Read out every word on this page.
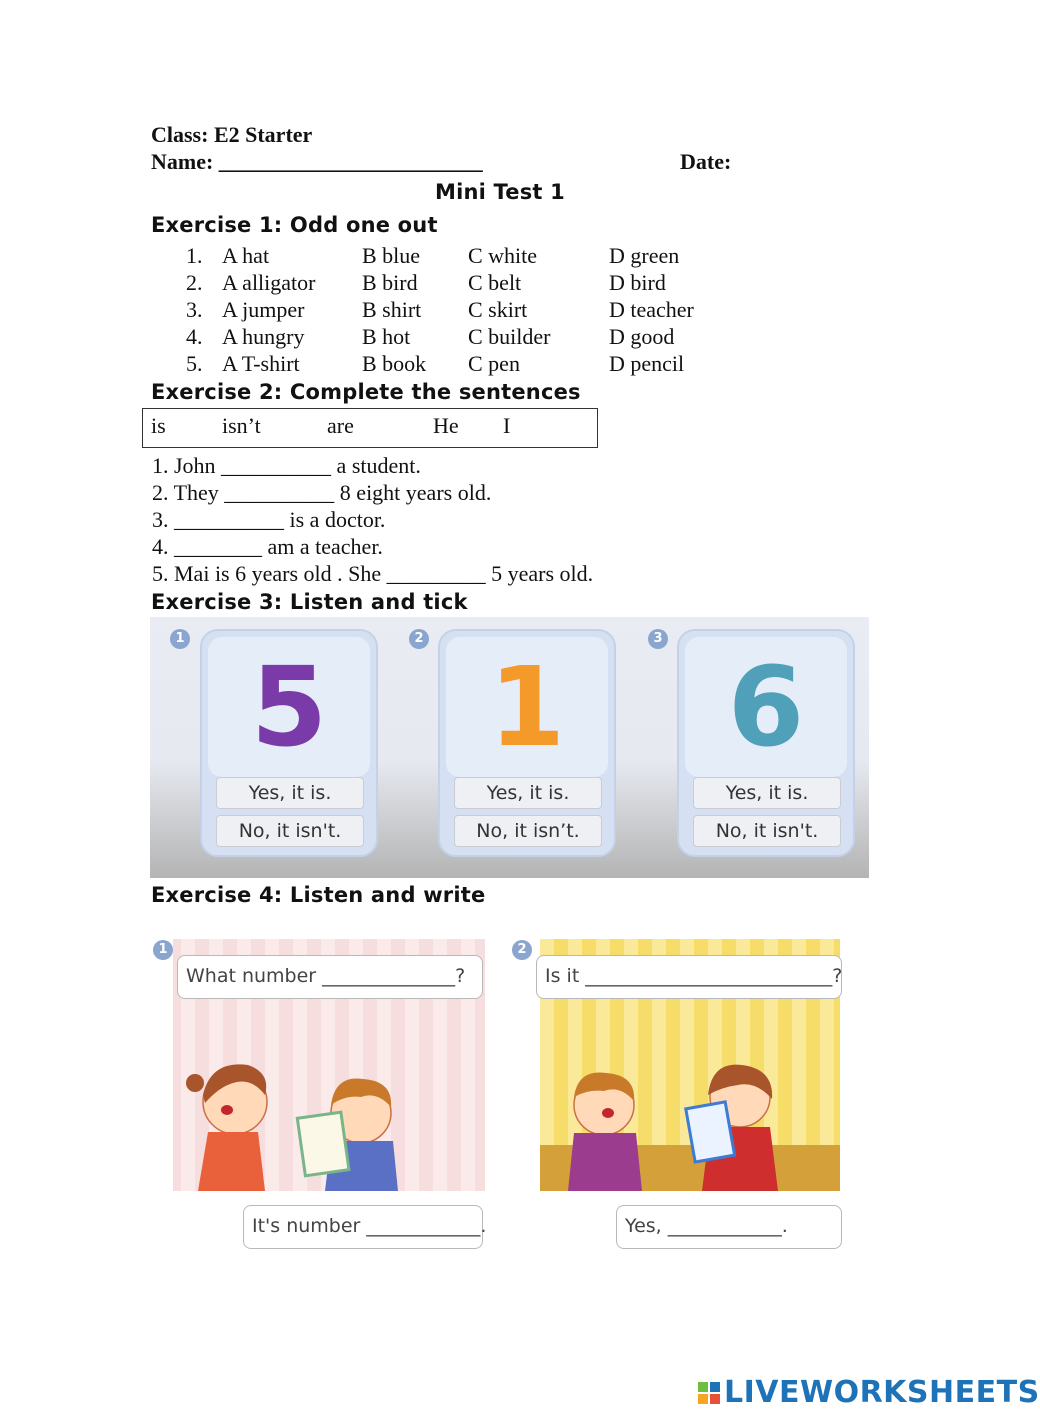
Class: E2 Starter
Name: ________________________	Date:
Mini Test 1
Exercise 1: Odd one out
1. A hat	B blue C white	D green
2. A alligator B bird C belt	D bird
3. A jumper	B shirt C skirt	D teacher
4. A hungry	B hot	C builder	D good
5. A T-shirt	B book C pen	D pencil
Exercise 2: Complete the sentences
is	isn’t	are	He I
1. John __________ a student.
2. They __________ 8 eight years old.
3. __________ is a doctor.
4. ________ am a teacher.
5. Mai is 6 years old . She _________ 5 years old.
Exercise 3: Listen and tick
1
5
Yes, it is.
No, it isn't.
2
1
Yes, it is.
No, it isn’t.
3
6
Yes, it is.
No, it isn't.
Exercise 4: Listen and write
1
What number ______________?
It's number ____________.
2
Is it __________________________?
Yes, ____________.
LIVEWORKSHEETS
